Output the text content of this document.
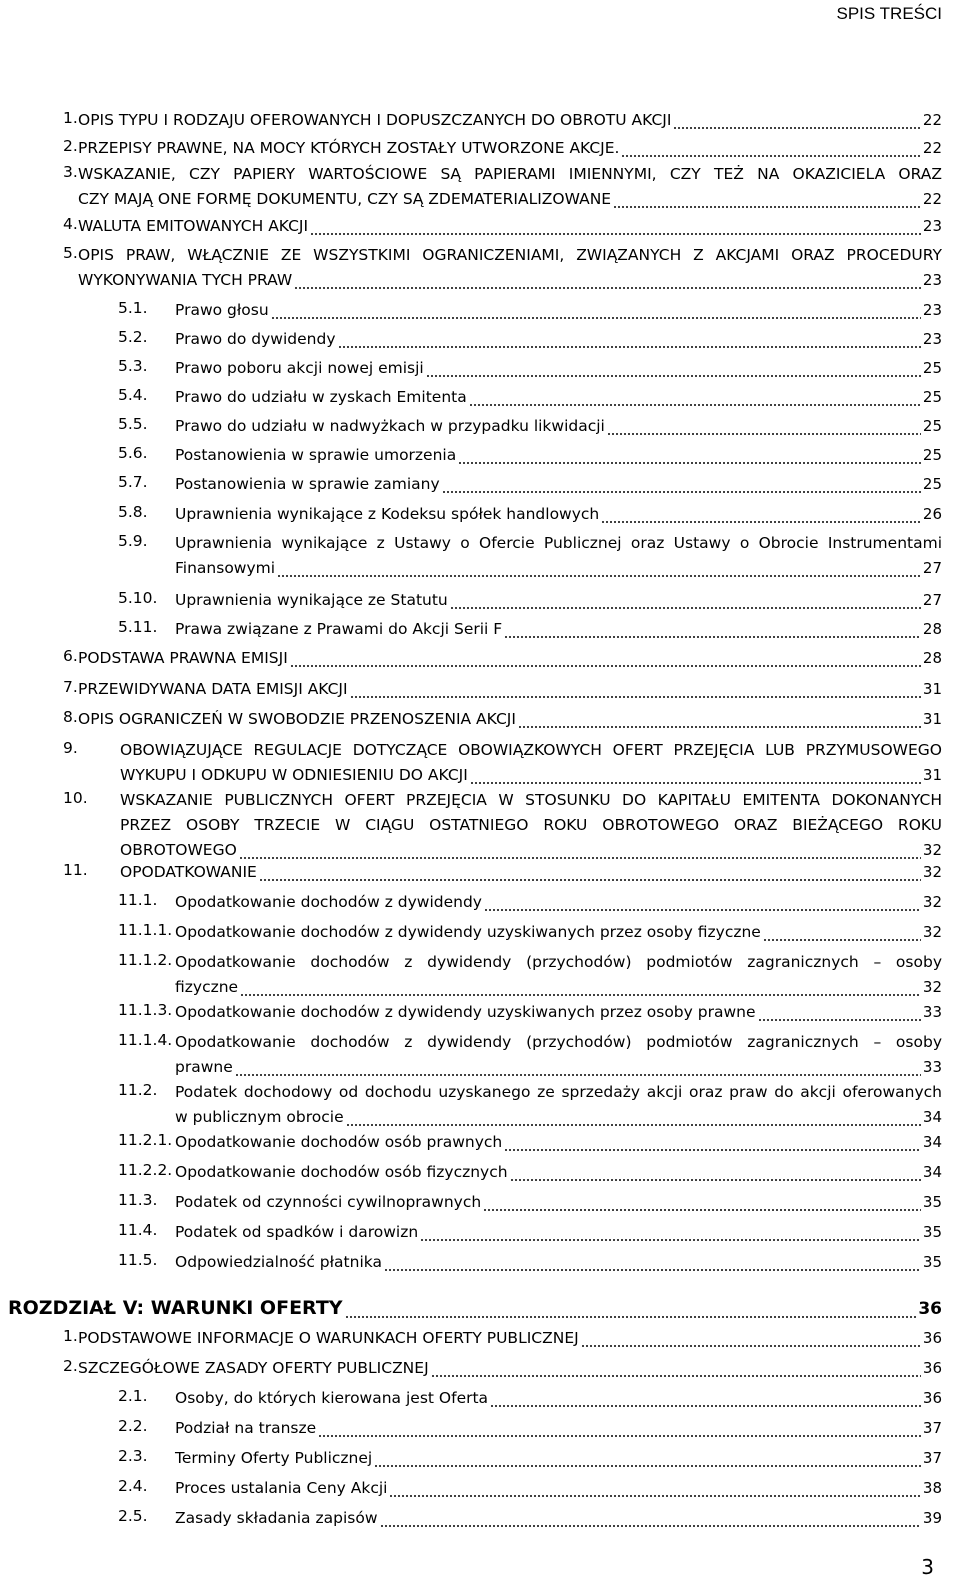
SPIS TREŚCI
1. OPIS TYPU I RODZAJU OFEROWANYCH I DOPUSZCZANYCH DO OBROTU AKCJI	22
2. PRZEPISY PRAWNE, NA MOCY KTÓRYCH ZOSTAŁY UTWORZONE AKCJE.	22
3. WSKAZANIE, CZY PAPIERY WARTOŚCIOWE SĄ PAPIERAMI IMIENNYMI, CZY TEŻ NA OKAZICIELA ORAZ
CZY MAJĄ ONE FORMĘ DOKUMENTU, CZY SĄ ZDEMATERIALIZOWANE	22
4. WALUTA EMITOWANYCH AKCJI	23
5. OPIS PRAW, WŁĄCZNIE ZE WSZYSTKIMI OGRANICZENIAMI, ZWIĄZANYCH Z AKCJAMI ORAZ PROCEDURY
WYKONYWANIA TYCH PRAW	23
5.1. Prawo głosu	23
5.2. Prawo do dywidendy	23
5.3. Prawo poboru akcji nowej emisji	25
5.4. Prawo do udziału w zyskach Emitenta	25
5.5. Prawo do udziału w nadwyżkach w przypadku likwidacji	25
5.6. Postanowienia w sprawie umorzenia	25
5.7. Postanowienia w sprawie zamiany	25
5.8. Uprawnienia wynikające z Kodeksu spółek handlowych	26
5.9. Uprawnienia wynikające z Ustawy o Ofercie Publicznej oraz Ustawy o Obrocie Instrumentami
Finansowymi	27
5.10. Uprawnienia wynikające ze Statutu	27
5.11. Prawa związane z Prawami do Akcji Serii F	28
6. PODSTAWA PRAWNA EMISJI	28
7. PRZEWIDYWANA DATA EMISJI AKCJI	31
8. OPIS OGRANICZEŃ W SWOBODZIE PRZENOSZENIA AKCJI	31
9.	OBOWIĄZUJĄCE REGULACJE DOTYCZĄCE OBOWIĄZKOWYCH OFERT PRZEJĘCIA LUB PRZYMUSOWEGO
WYKUPU I ODKUPU W ODNIESIENIU DO AKCJI	31
10. WSKAZANIE PUBLICZNYCH OFERT PRZEJĘCIA W STOSUNKU DO KAPITAŁU EMITENTA DOKONANYCH
PRZEZ OSOBY TRZECIE W CIĄGU OSTATNIEGO ROKU OBROTOWEGO ORAZ BIEŻĄCEGO ROKU
OBROTOWEGO	32
11. OPODATKOWANIE	32
11.1. Opodatkowanie dochodów z dywidendy	32
11.1.1. Opodatkowanie dochodów z dywidendy uzyskiwanych przez osoby fizyczne	32
11.1.2. Opodatkowanie dochodów z dywidendy (przychodów) podmiotów zagranicznych – osoby
fizyczne	32
11.1.3. Opodatkowanie dochodów z dywidendy uzyskiwanych przez osoby prawne	33
11.1.4. Opodatkowanie dochodów z dywidendy (przychodów) podmiotów zagranicznych – osoby
prawne	33
11.2. Podatek dochodowy od dochodu uzyskanego ze sprzedaży akcji oraz praw do akcji oferowanych
w publicznym obrocie	34
11.2.1. Opodatkowanie dochodów osób prawnych	34
11.2.2. Opodatkowanie dochodów osób fizycznych	34
11.3. Podatek od czynności cywilnoprawnych	35
11.4. Podatek od spadków i darowizn	35
11.5. Odpowiedzialność płatnika	35
ROZDZIAŁ V: WARUNKI OFERTY	36
1. PODSTAWOWE INFORMACJE O WARUNKACH OFERTY PUBLICZNEJ	36
2. SZCZEGÓŁOWE ZASADY OFERTY PUBLICZNEJ	36
2.1. Osoby, do których kierowana jest Oferta	36
2.2. Podział na transze	37
2.3. Terminy Oferty Publicznej	37
2.4. Proces ustalania Ceny Akcji	38
2.5. Zasady składania zapisów	39
3
